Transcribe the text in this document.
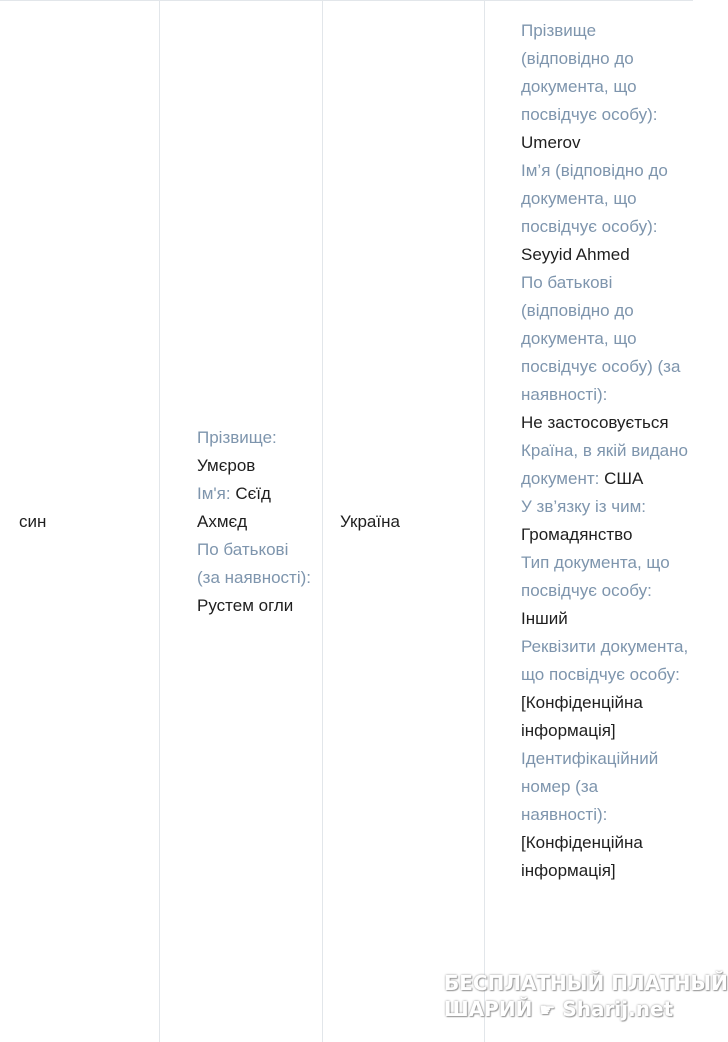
син
Прізвище:
Умєров
Ім'я: Сєїд Ахмєд
По батькові (за наявності): Рустем огли
Україна
Прізвище (відповідно до документа, що посвідчує особу):
Umerov
Ім’я (відповідно до документа, що посвідчує особу): Seyyid Ahmed
По батькові (відповідно до документа, що посвідчує особу) (за наявності):
Не застосовується
Країна, в якій видано документ: США
У зв’язку із чим:
Громадянство
Тип документа, що посвідчує особу: Інший
Реквізити документа, що посвідчує особу:
[Конфіденційна інформація]
Ідентифікаційний номер (за наявності):
[Конфіденційна інформація]
БЕСПЛАТНЫЙ ПЛАТНЫЙ
ШАРИЙ ☛ Sharij.net
